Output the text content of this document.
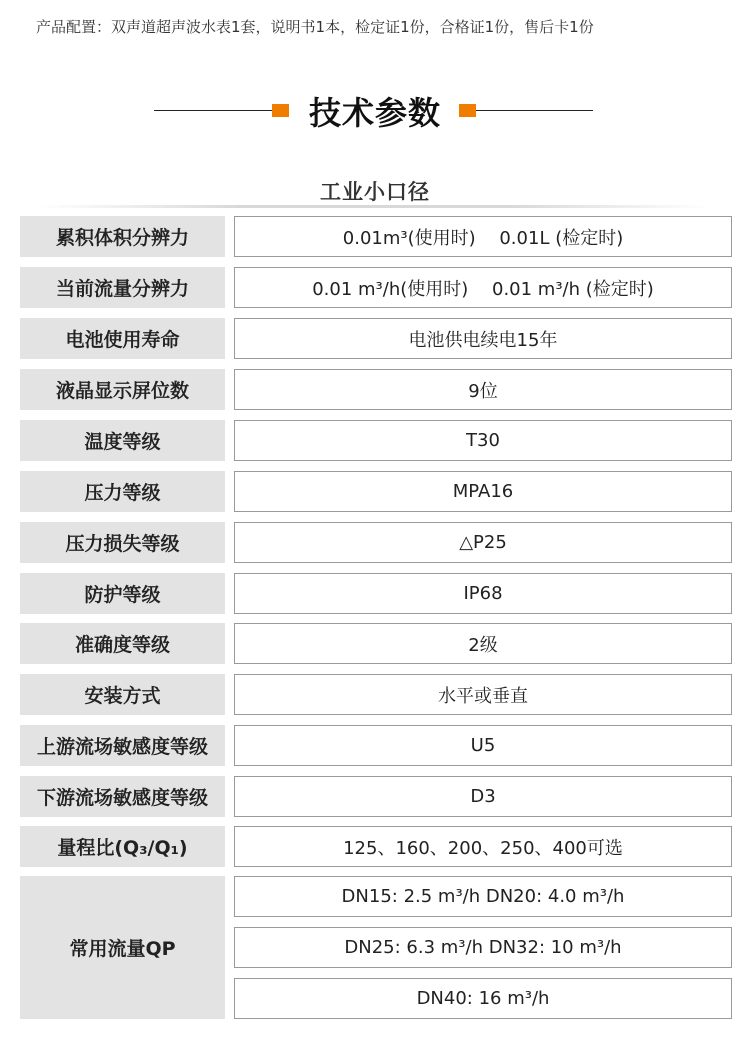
产品配置：双声道超声波水表1套，说明书1本，检定证1份，合格证1份，售后卡1份
技术参数
工业小口径
累积体积分辨力	0.01m³(使用时)　 0.01L (检定时)
当前流量分辨力	0.01 m³/h(使用时)　 0.01 m³/h (检定时)
电池使用寿命	电池供电续电15年
液晶显示屏位数	9位
温度等级	T30
压力等级	MPA16
压力损失等级	△P25
防护等级	IP68
准确度等级	2级
安装方式	水平或垂直
上游流场敏感度等级	U5
下游流场敏感度等级	D3
量程比(Q₃/Q₁)	125、160、200、250、400可选
常用流量QP
DN15: 2.5 m³/h DN20: 4.0 m³/h
DN25: 6.3 m³/h DN32: 10 m³/h
DN40: 16 m³/h
